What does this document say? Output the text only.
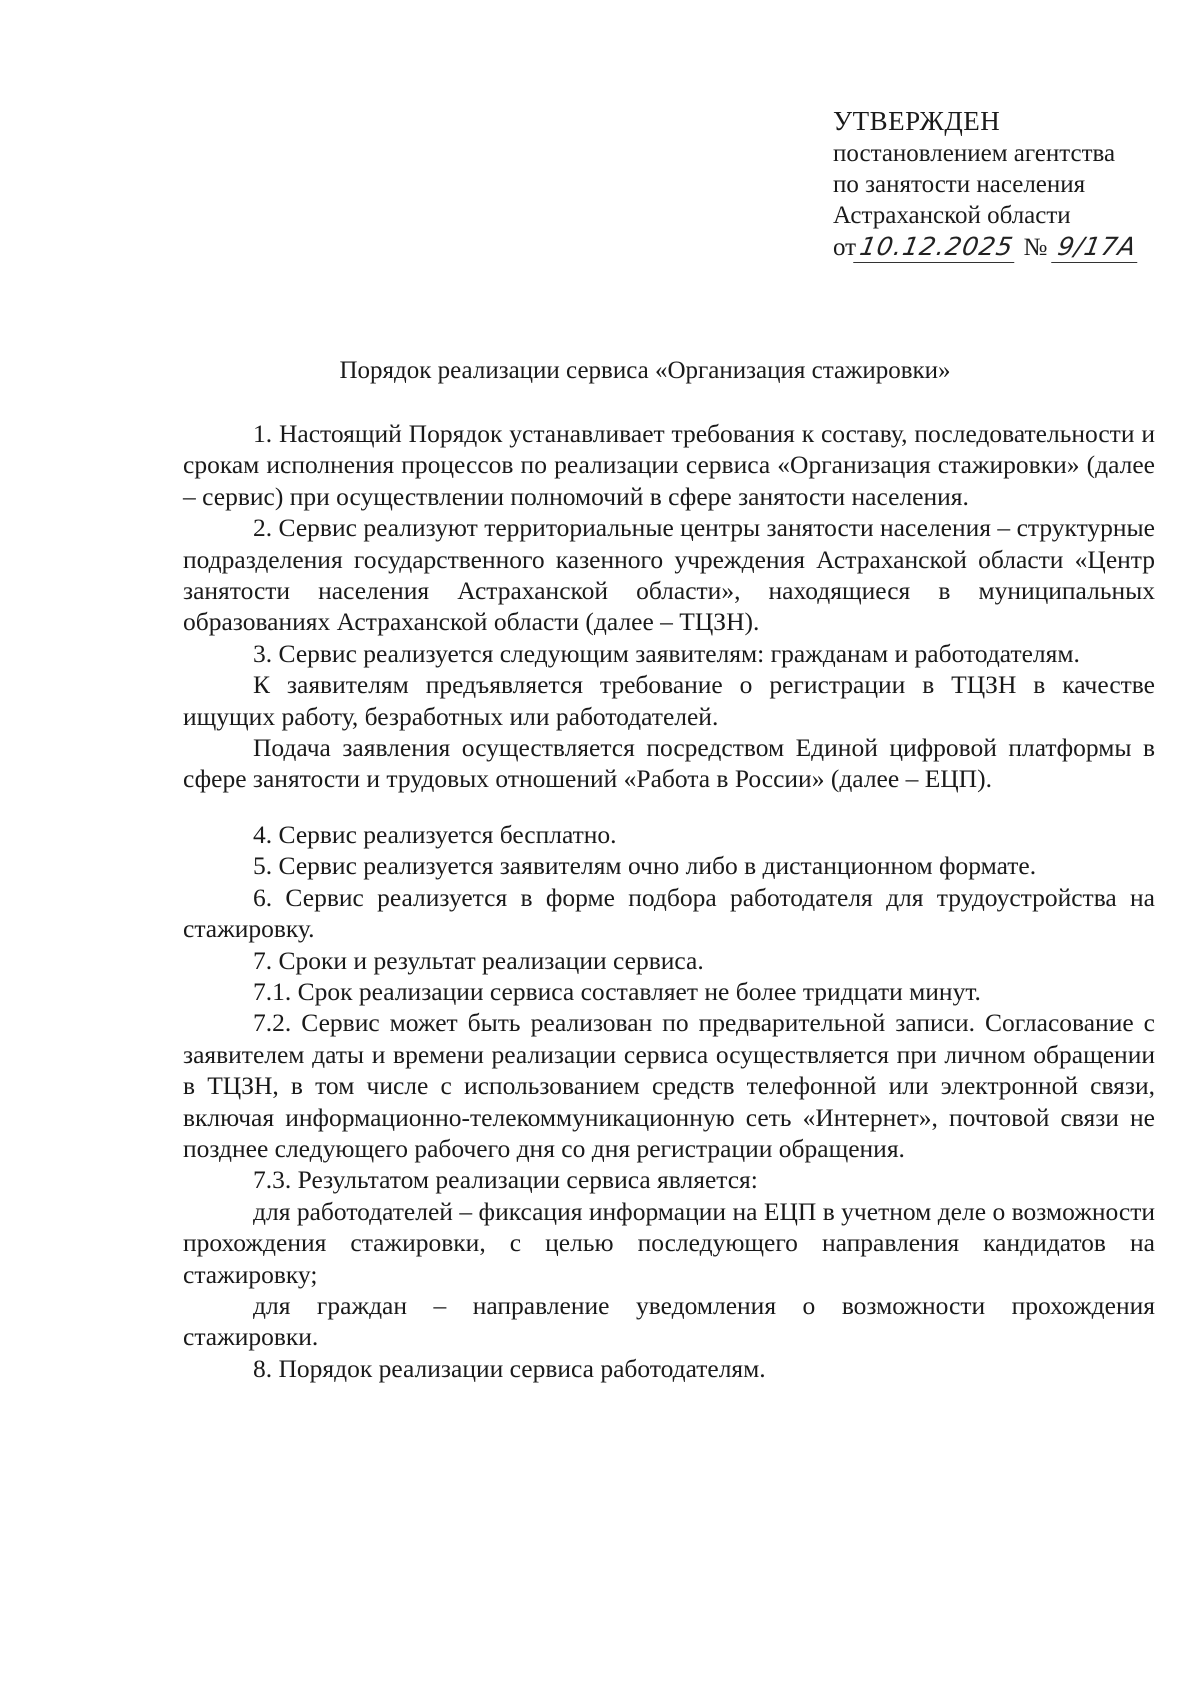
УТВЕРЖДЕН
постановлением агентства
по занятости населения
Астраханской области
от10.12.2025 № 9/17А
Порядок реализации сервиса «Организация стажировки»

1. Настоящий Порядок устанавливает требования к составу, последовательности и срокам исполнения процессов по реализации сервиса «Организация стажировки» (далее – сервис) при осуществлении полномочий в сфере занятости населения.

2. Сервис реализуют территориальные центры занятости населения – структурные подразделения государственного казенного учреждения Астраханской области «Центр занятости населения Астраханской области», находящиеся в муниципальных образованиях Астраханской области (далее – ТЦЗН).

3. Сервис реализуется следующим заявителям: гражданам и работодателям.

К заявителям предъявляется требование о регистрации в ТЦЗН в качестве ищущих работу, безработных или работодателей.

Подача заявления осуществляется посредством Единой цифровой платформы в сфере занятости и трудовых отношений «Работа в России» (далее – ЕЦП).

4. Сервис реализуется бесплатно.

5. Сервис реализуется заявителям очно либо в дистанционном формате.

6. Сервис реализуется в форме подбора работодателя для трудоустройства на стажировку.

7. Сроки и результат реализации сервиса.

7.1. Срок реализации сервиса составляет не более тридцати минут.

7.2. Сервис может быть реализован по предварительной записи. Согласование с заявителем даты и времени реализации сервиса осуществляется при личном обращении в ТЦЗН, в том числе с использованием средств телефонной или электронной связи, включая информационно-телекоммуникационную сеть «Интернет», почтовой связи не позднее следующего рабочего дня со дня регистрации обращения.

7.3. Результатом реализации сервиса является:

для работодателей – фиксация информации на ЕЦП в учетном деле о возможности прохождения стажировки, с целью последующего направления кандидатов на стажировку;

для граждан – направление уведомления о возможности прохождения стажировки.

8. Порядок реализации сервиса работодателям.
